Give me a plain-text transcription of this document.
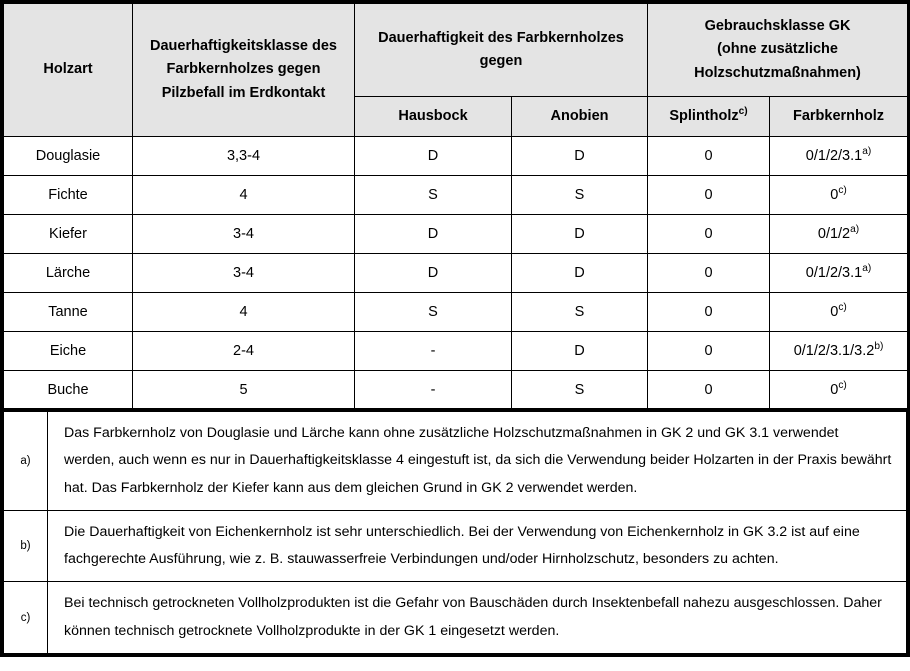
Holzart	Dauerhaftigkeitsklasse des Farbkernholzes gegen Pilzbefall im Erdkontakt	Dauerhaftigkeit des Farbkernholzes gegen		Gebrauchsklasse GK
(ohne zusätzliche
Holzschutzmaßnahmen)	
		Hausbock	Anobien	Splintholz$^{c)}$	Farbkernholz
Douglasie	3,3-4	D	D	0	0/1/2/3.1$^{a)}$
Fichte	4	S	S	0	0$^{c)}$
Kiefer	3-4	D	D	0	0/1/2$^{a)}$
Lärche	3-4	D	D	0	0/1/2/3.1$^{a)}$
Tanne	4	S	S	0	0$^{c)}$
Eiche	2-4	-	D	0	0/1/2/3.1/3.2$^{b)}$
Buche	5	-	S	0	0$^{c)}$
a)	Das Farbkernholz von Douglasie und Lärche kann ohne zusätzliche Holzschutzmaßnahmen in GK 2 und GK 3.1 verwendet werden, auch wenn es nur in Dauerhaftigkeitsklasse 4 eingestuft ist, da sich die Verwendung beider Holzarten in der Praxis bewährt hat. Das Farbkernholz der Kiefer kann aus dem gleichen Grund in GK 2 verwendet werden.
b)	Die Dauerhaftigkeit von Eichenkernholz ist sehr unterschiedlich. Bei der Verwendung von Eichenkernholz in GK 3.2 ist auf eine fachgerechte Ausführung, wie z. B. stauwasserfreie Verbindungen und/oder Hirnholzschutz, besonders zu achten.
c)	Bei technisch getrockneten Vollholzprodukten ist die Gefahr von Bauschäden durch Insektenbefall nahezu ausgeschlossen. Daher können technisch getrocknete Vollholzprodukte in der GK 1 eingesetzt werden.
